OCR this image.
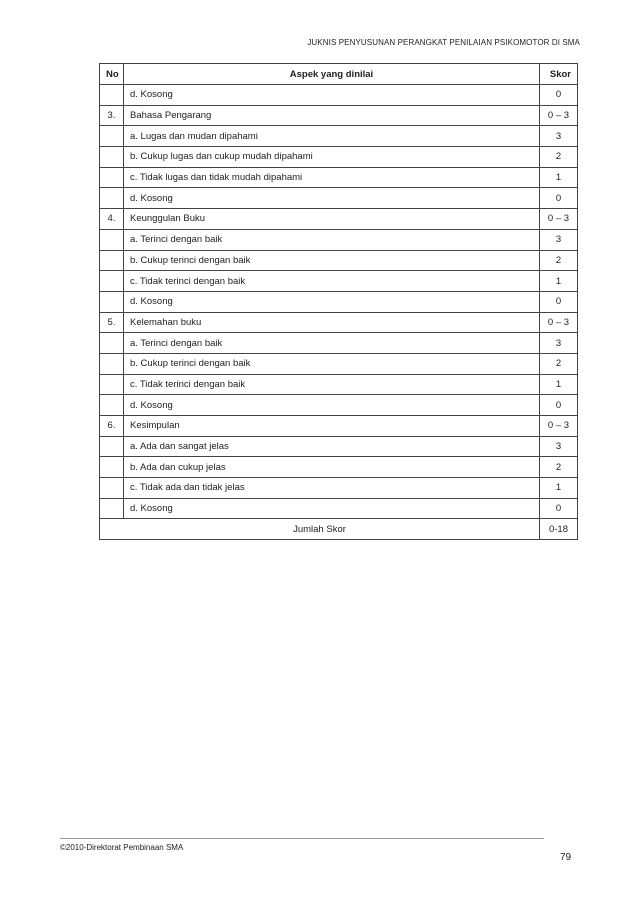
JUKNIS PENYUSUNAN PERANGKAT PENILAIAN PSIKOMOTOR DI SMA
No	Aspek yang dinilai	Skor
	d. Kosong	0
3.	Bahasa Pengarang	0 – 3
	a. Lugas dan mudan dipahami	3
	b. Cukup lugas dan cukup mudah dipahami	2
	c. Tidak lugas dan tidak mudah dipahami	1
	d. Kosong	0
4.	Keunggulan Buku	0 – 3
	a. Terinci dengan baik	3
	b. Cukup terinci dengan baik	2
	c. Tidak terinci dengan baik	1
	d. Kosong	0
5.	Kelemahan buku	0 – 3
	a. Terinci dengan baik	3
	b. Cukup terinci dengan baik	2
	c. Tidak terinci dengan baik	1
	d. Kosong	0
6.	Kesimpulan	0 – 3
	a. Ada dan sangat jelas	3
	b. Ada dan cukup jelas	2
	c. Tidak ada dan tidak jelas	1
	d. Kosong	0
Jumlah Skor		0-18
©2010-Direktorat Pembinaan SMA
79
